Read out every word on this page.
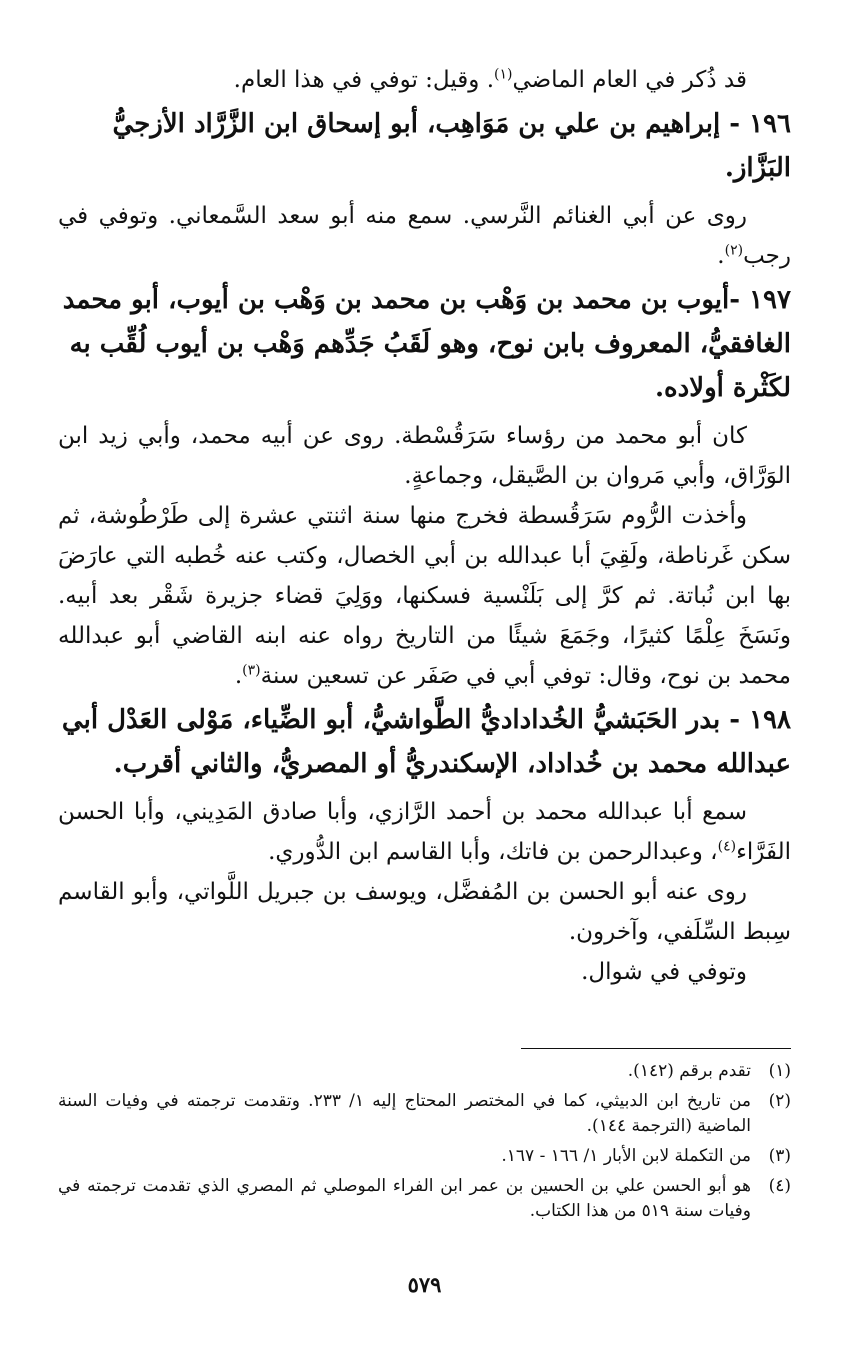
قد ذُكر في العام الماضي$^{(١)}$. وقيل: توفي في هذا العام.
١٩٦ - إبراهيم بن علي بن مَوَاهِب، أبو إسحاق ابن الزَّرَّاد الأزجيُّ البَزَّاز.
روى عن أبي الغنائم النَّرسي. سمع منه أبو سعد السَّمعاني. وتوفي في رجب$^{(٢)}$.
١٩٧ -أيوب بن محمد بن وَهْب بن محمد بن وَهْب بن أيوب، أبو محمد الغافقيُّ، المعروف بابن نوح، وهو لَقَبُ جَدِّهم وَهْب بن أيوب لُقِّب به لكَثْرة أولاده.
كان أبو محمد من رؤساء سَرَقُسْطة. روى عن أبيه محمد، وأبي زيد ابن الوَرَّاق، وأبي مَروان بن الصَّيقل، وجماعةٍ.
وأخذت الرُّوم سَرَقُسطة فخرج منها سنة اثنتي عشرة إلى طَرْطُوشة، ثم سكن غَرناطة، ولَقِيَ أبا عبدالله بن أبي الخصال، وكتب عنه خُطبه التي عارَضَ بها ابن نُباتة. ثم كرَّ إلى بَلَنْسية فسكنها، ووَلِيَ قضاء جزيرة شَقْر بعد أبيه. ونَسَخَ عِلْمًا كثيرًا، وجَمَعَ شيئًا من التاريخ رواه عنه ابنه القاضي أبو عبدالله محمد بن نوح، وقال: توفي أبي في صَفَر عن تسعين سنة$^{(٣)}$.
١٩٨ - بدر الحَبَشيُّ الخُداداديُّ الطَّواشيُّ، أبو الضِّياء، مَوْلى العَدْل أبي عبدالله محمد بن خُداداد، الإسكندريُّ أو المصريُّ، والثاني أقرب.
سمع أبا عبدالله محمد بن أحمد الرَّازي، وأبا صادق المَدِيني، وأبا الحسن الفَرَّاء$^{(٤)}$، وعبدالرحمن بن فاتك، وأبا القاسم ابن الدُّوري.
روى عنه أبو الحسن بن المُفضَّل، ويوسف بن جبريل اللَّواتي، وأبو القاسم سِبط السِّلَفي، وآخرون.
وتوفي في شوال.
(١)
تقدم برقم (١٤٢).
(٢)
من تاريخ ابن الدبيثي، كما في المختصر المحتاج إليه ١/ ٢٣٣. وتقدمت ترجمته في وفيات السنة الماضية (الترجمة ١٤٤).
(٣)
من التكملة لابن الأبار ١/ ١٦٦ - ١٦٧.
(٤)
هو أبو الحسن علي بن الحسين بن عمر ابن الفراء الموصلي ثم المصري الذي تقدمت ترجمته في وفيات سنة ٥١٩ من هذا الكتاب.
٥٧٩
